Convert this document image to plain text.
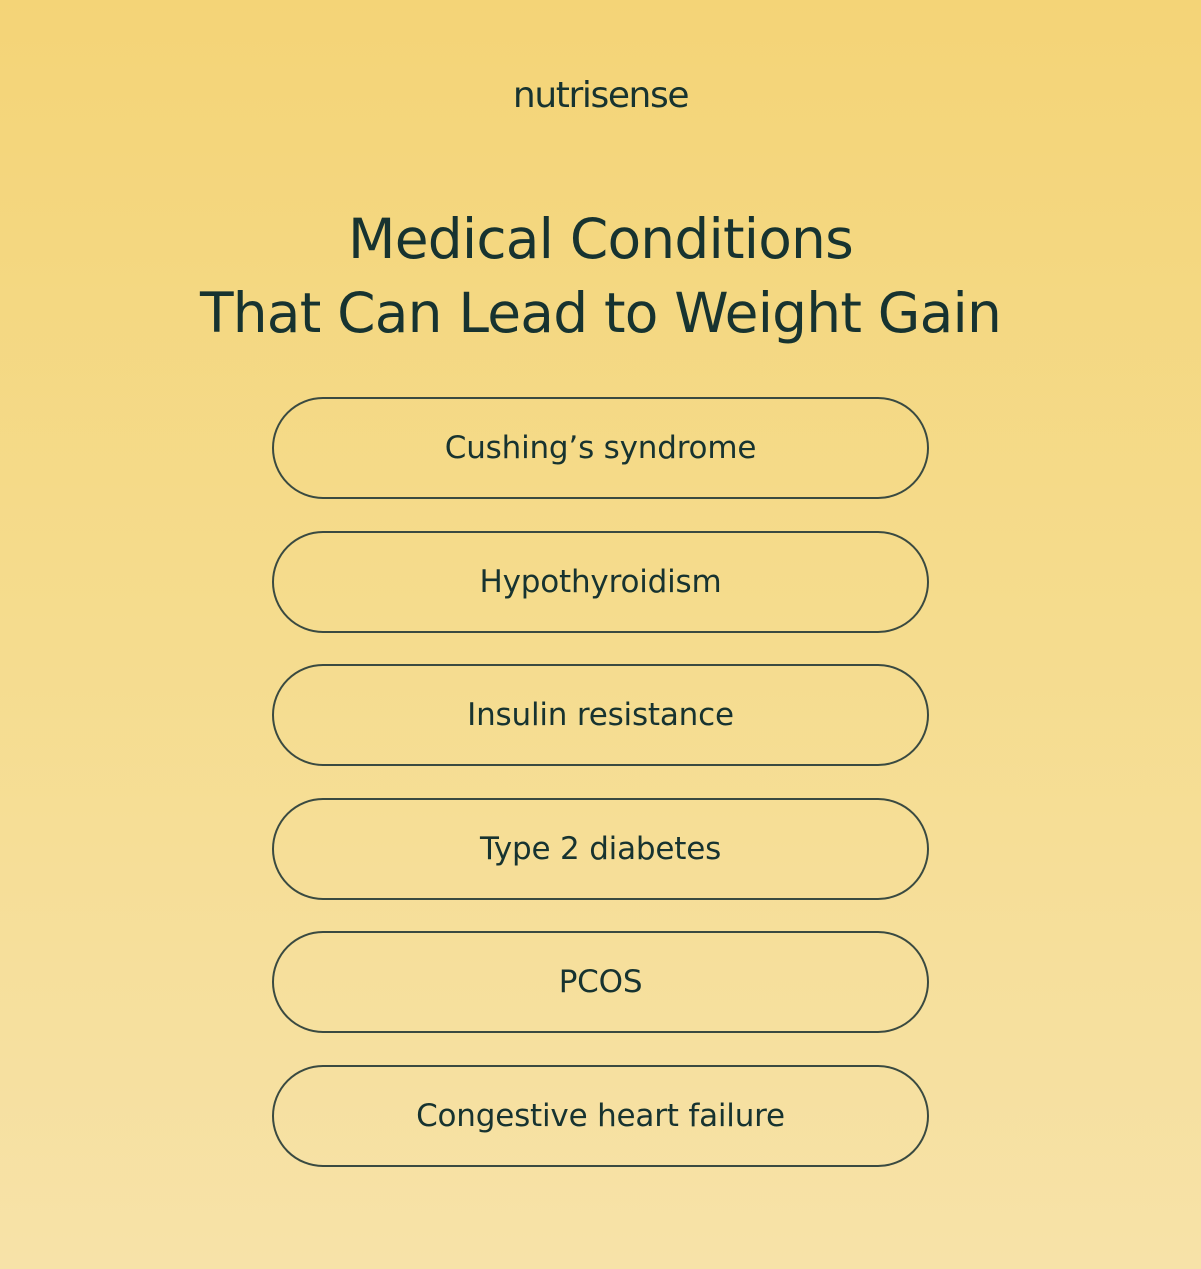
nutrisense
Medical Conditions
That Can Lead to Weight Gain
Cushing’s syndrome
Hypothyroidism
Insulin resistance
Type 2 diabetes
PCOS
Congestive heart failure
